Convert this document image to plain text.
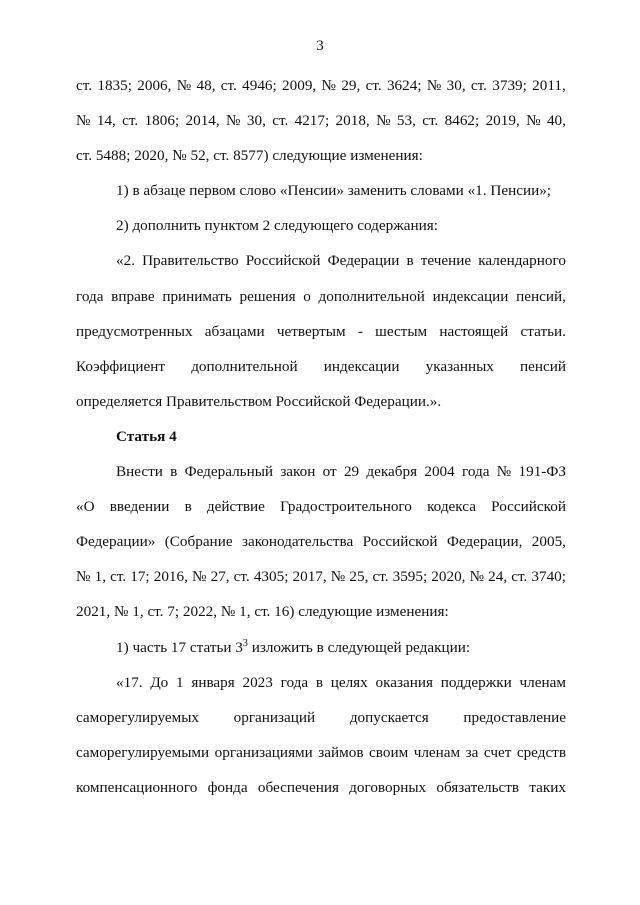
3
ст. 1835; 2006, № 48, ст. 4946; 2009, № 29, ст. 3624; № 30, ст. 3739; 2011,
№ 14, ст. 1806; 2014, № 30, ст. 4217; 2018, № 53, ст. 8462; 2019, № 40,
ст. 5488; 2020, № 52, ст. 8577) следующие изменения:
1) в абзаце первом слово «Пенсии» заменить словами «1. Пенсии»;
2) дополнить пунктом 2 следующего содержания:
«2. Правительство Российской Федерации в течение календарного
года вправе принимать решения о дополнительной индексации пенсий,
предусмотренных абзацами четвертым - шестым настоящей статьи.
Коэффициент дополнительной индексации указанных пенсий
определяется Правительством Российской Федерации.».
Статья 4
Внести в Федеральный закон от 29 декабря 2004 года № 191-ФЗ
«О введении в действие Градостроительного кодекса Российской
Федерации» (Собрание законодательства Российской Федерации, 2005,
№ 1, ст. 17; 2016, № 27, ст. 4305; 2017, № 25, ст. 3595; 2020, № 24, ст. 3740;
2021, № 1, ст. 7; 2022, № 1, ст. 16) следующие изменения:
1) часть 17 статьи $3^3$ изложить в следующей редакции:
«17. До 1 января 2023 года в целях оказания поддержки членам
саморегулируемых организаций допускается предоставление
саморегулируемыми организациями займов своим членам за счет средств
компенсационного фонда обеспечения договорных обязательств таких
